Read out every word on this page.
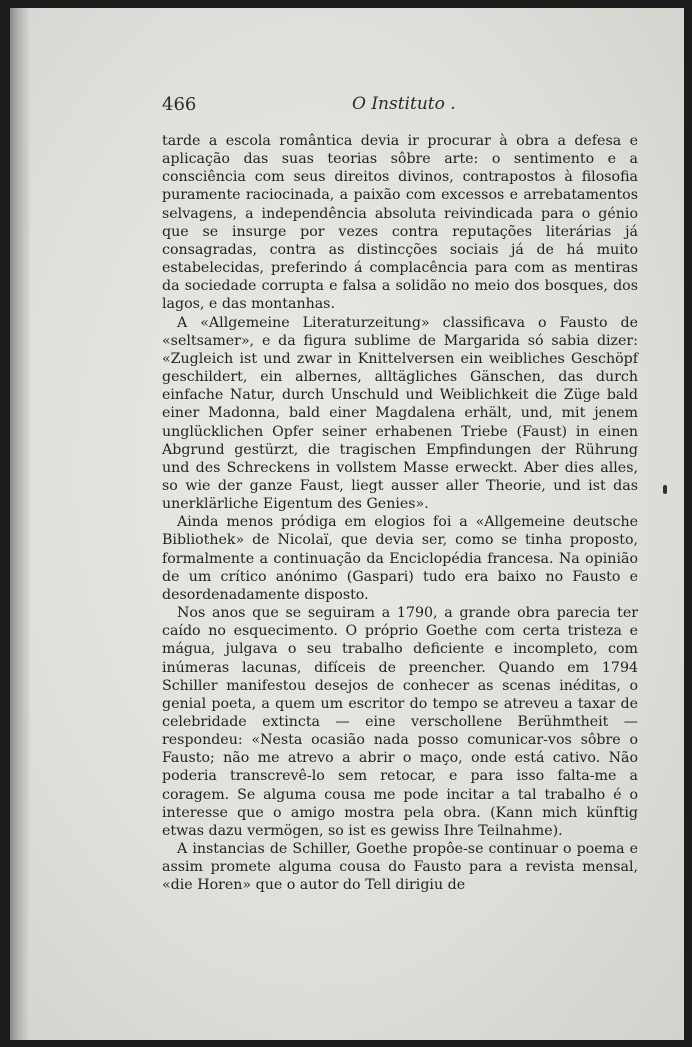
466	O Instituto .

tarde a escola romântica devia ir procurar à obra a defesa e aplicação das suas teorias sôbre arte: o sentimento e a consciência com seus direitos divinos, contrapostos à filosofia puramente raciocinada, a paixão com excessos e arrebatamentos selvagens, a independência absoluta reivindicada para o génio que se insurge por vezes contra reputações literárias já consagradas, contra as distincções sociais já de há muito estabelecidas, preferindo á complacência para com as mentiras da sociedade corrupta e falsa a solidão no meio dos bosques, dos lagos, e das montanhas.

A «Allgemeine Literaturzeitung» classificava o Fausto de «seltsamer», e da figura sublime de Margarida só sabia dizer: «Zugleich ist und zwar in Knittelversen ein weibliches Geschöpf geschildert, ein albernes, alltägliches Gänschen, das durch einfache Natur, durch Unschuld und Weiblichkeit die Züge bald einer Madonna, bald einer Magdalena erhält, und, mit jenem unglücklichen Opfer seiner erhabenen Triebe (Faust) in einen Abgrund gestürzt, die tragischen Empfindungen der Rührung und des Schreckens in vollstem Masse erweckt. Aber dies alles, so wie der ganze Faust, liegt ausser aller Theorie, und ist das unerklärliche Eigentum des Genies».

Ainda menos pródiga em elogios foi a «Allgemeine deutsche Bibliothek» de Nicolaï, que devia ser, como se tinha proposto, formalmente a continuação da Enciclopédia francesa. Na opinião de um crítico anónimo (Gaspari) tudo era baixo no Fausto e desordenadamente disposto.

Nos anos que se seguiram a 1790, a grande obra parecia ter caído no esquecimento. O próprio Goethe com certa tristeza e mágua, julgava o seu trabalho deficiente e incompleto, com inúmeras lacunas, difíceis de preencher. Quando em 1794 Schiller manifestou desejos de conhecer as scenas inéditas, o genial poeta, a quem um escritor do tempo se atreveu a taxar de celebridade extincta — eine verschollene Berühmtheit — respondeu: «Nesta ocasião nada posso comunicar-vos sôbre o Fausto; não me atrevo a abrir o maço, onde está cativo. Não poderia transcrevê-lo sem retocar, e para isso falta-me a coragem. Se alguma cousa me pode incitar a tal trabalho é o interesse que o amigo mostra pela obra. (Kann mich künftig etwas dazu vermögen, so ist es gewiss Ihre Teilnahme).

A instancias de Schiller, Goethe propôe-se continuar o poema e assim promete alguma cousa do Fausto para a revista mensal, «die Horen» que o autor do Tell dirigiu de
